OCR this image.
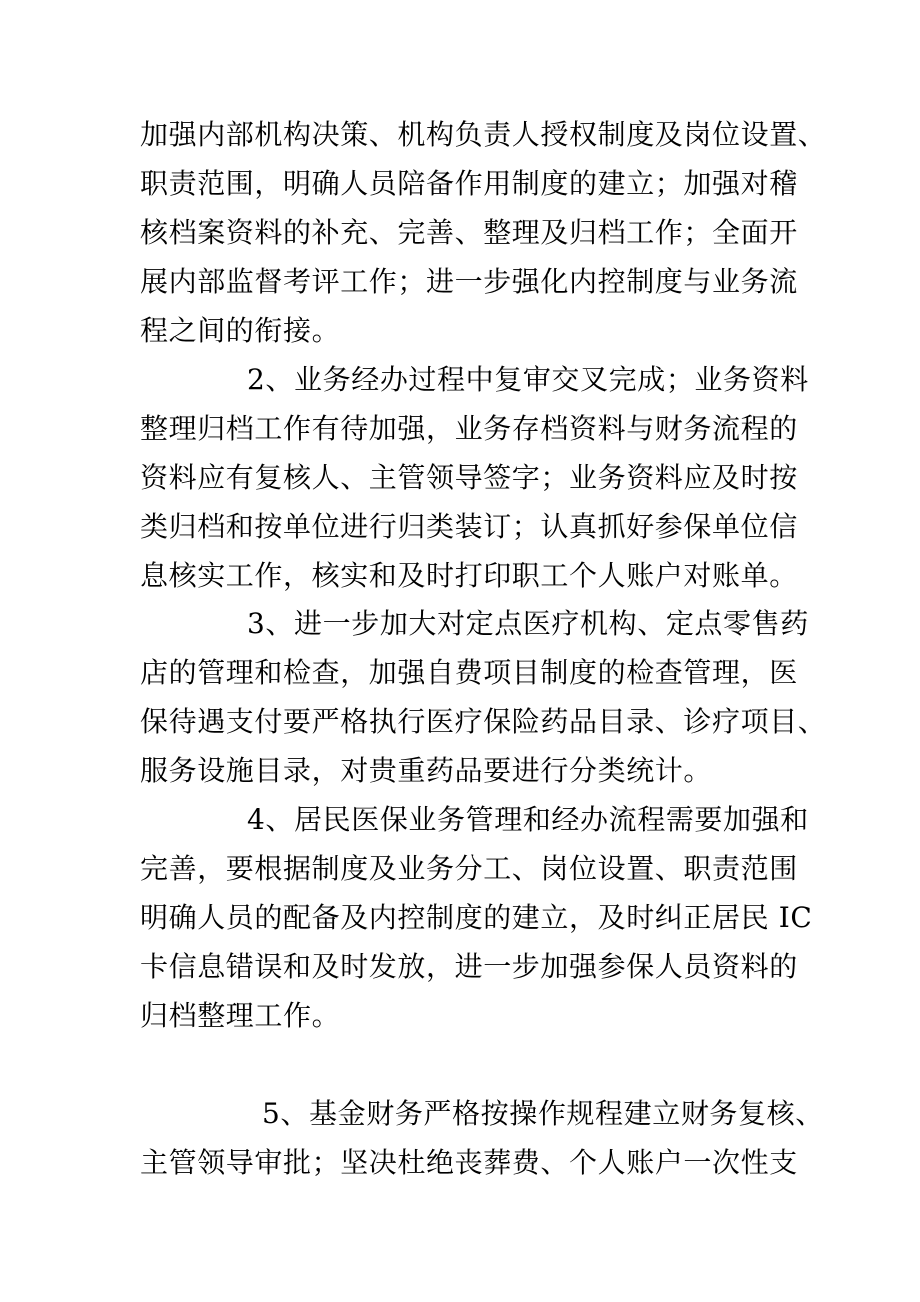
加强内部机构决策、机构负责人授权制度及岗位设置、

职责范围，明确人员陪备作用制度的建立；加强对稽

核档案资料的补充、完善、整理及归档工作；全面开

展内部监督考评工作；进一步强化内控制度与业务流

程之间的衔接。

2、业务经办过程中复审交叉完成；业务资料

整理归档工作有待加强，业务存档资料与财务流程的

资料应有复核人、主管领导签字；业务资料应及时按

类归档和按单位进行归类装订；认真抓好参保单位信

息核实工作，核实和及时打印职工个人账户对账单。

3、进一步加大对定点医疗机构、定点零售药

店的管理和检查，加强自费项目制度的检查管理，医

保待遇支付要严格执行医疗保险药品目录、诊疗项目、

服务设施目录，对贵重药品要进行分类统计。

4、居民医保业务管理和经办流程需要加强和

完善，要根据制度及业务分工、岗位设置、职责范围

明确人员的配备及内控制度的建立，及时纠正居民 IC

卡信息错误和及时发放，进一步加强参保人员资料的

归档整理工作。

5、基金财务严格按操作规程建立财务复核、

主管领导审批；坚决杜绝丧葬费、个人账户一次性支
